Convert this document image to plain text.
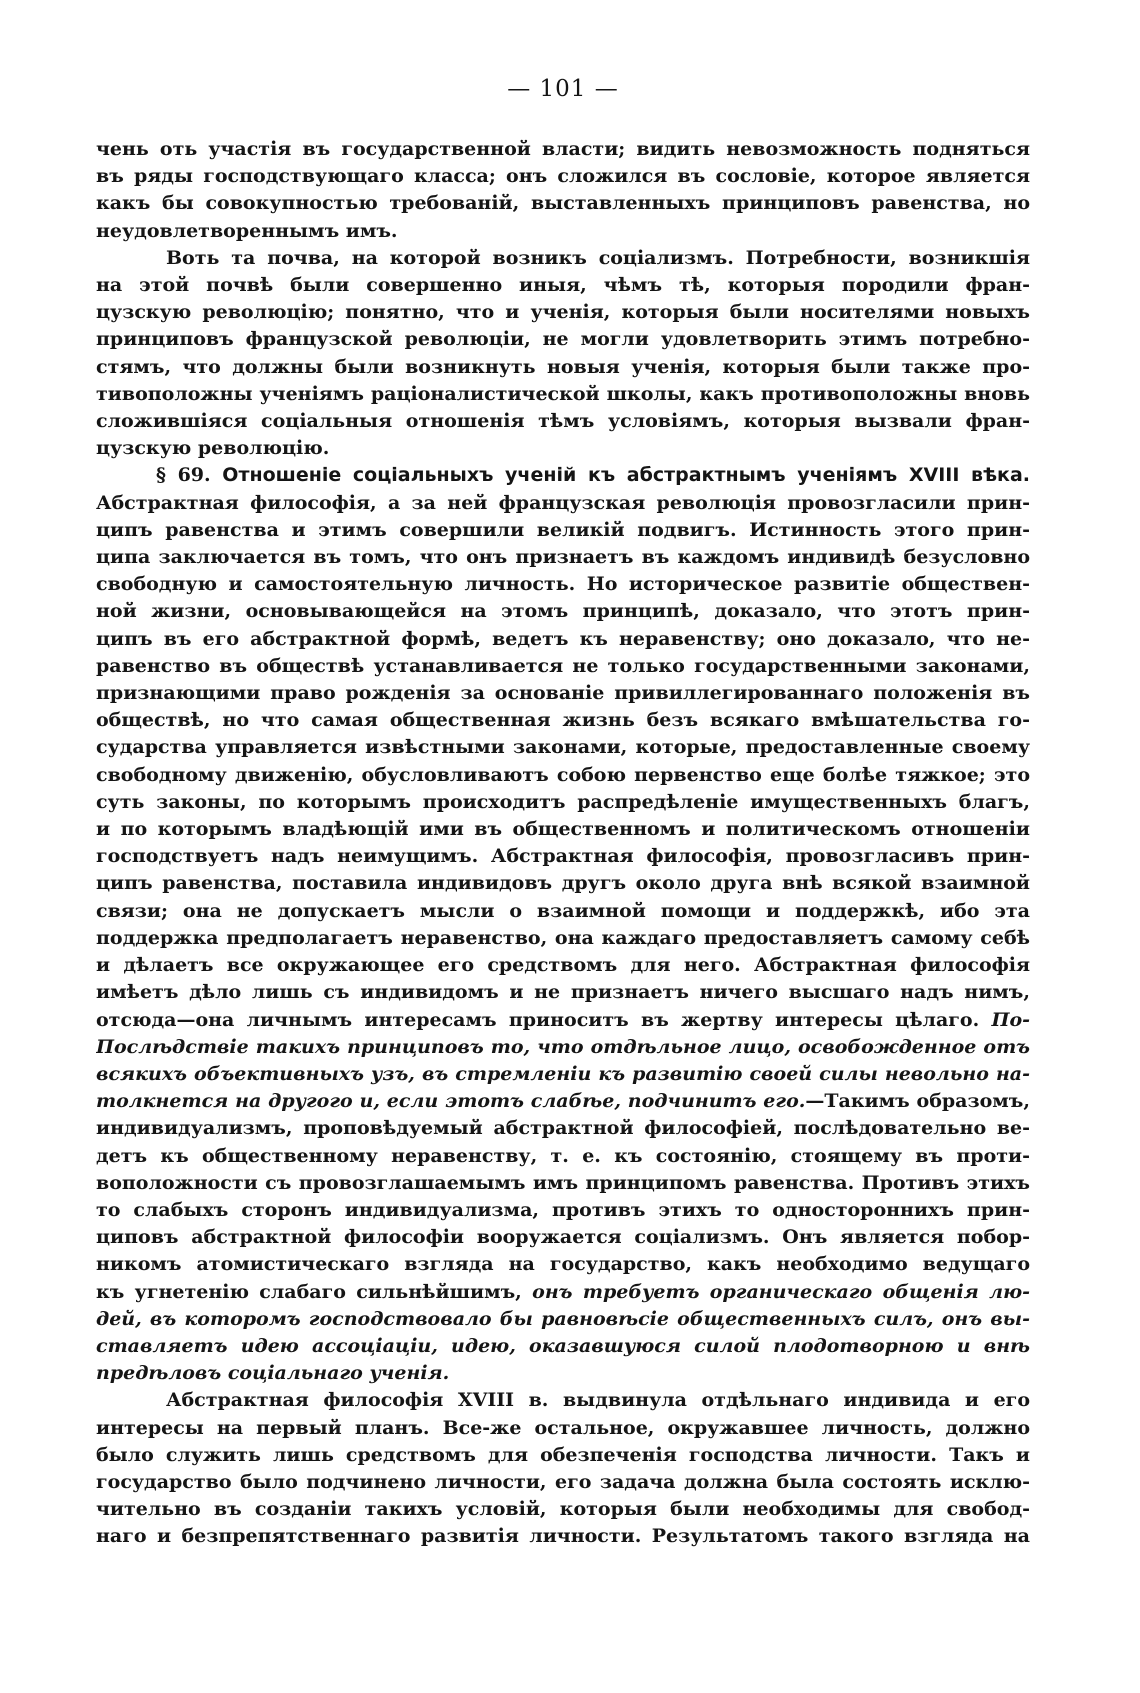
— 101 —
чень оть участія въ государственной власти; видить невозможность подняться
въ ряды господствующаго класса; онъ сложился въ сословіе, которое является
какъ бы совокупностью требованій, выставленныхъ принциповъ равенства, но
неудовлетвореннымъ имъ.
Воть та почва, на которой возникъ соціализмъ. Потребности, возникшія
на этой почвѣ были совершенно иныя, чѣмъ тѣ, которыя породили фран-
цузскую революцію; понятно, что и ученія, которыя были носителями новыхъ
принциповъ французской революціи, не могли удовлетворить этимъ потребно-
стямъ, что должны были возникнуть новыя ученія, которыя были также про-
тивоположны ученіямъ раціоналистической школы, какъ противоположны вновь
сложившіяся соціальныя отношенія тѣмъ условіямъ, которыя вызвали фран-
цузскую революцію.
§ 69. Отношеніе соціальныхъ ученій къ абстрактнымъ ученіямъ XVIII вѣка.
Абстрактная философія, а за ней французская революція провозгласили прин-
ципъ равенства и этимъ совершили великій подвигъ. Истинность этого прин-
ципа заключается въ томъ, что онъ признаетъ въ каждомъ индивидѣ безусловно
свободную и самостоятельную личность. Но историческое развитіе обществен-
ной жизни, основывающейся на этомъ принципѣ, доказало, что этотъ прин-
ципъ въ его абстрактной формѣ, ведетъ къ неравенству; оно доказало, что не-
равенство въ обществѣ устанавливается не только государственными законами,
признающими право рожденія за основаніе привиллегированнаго положенія въ
обществѣ, но что самая общественная жизнь безъ всякаго вмѣшательства го-
сударства управляется извѣстными законами, которые, предоставленные своему
свободному движенію, обусловливаютъ собою первенство еще болѣе тяжкое; это
суть законы, по которымъ происходитъ распредѣленіе имущественныхъ благъ,
и по которымъ владѣющій ими въ общественномъ и политическомъ отношеніи
господствуетъ надъ неимущимъ. Абстрактная философія, провозгласивъ прин-
ципъ равенства, поставила индивидовъ другъ около друга внѣ всякой взаимной
связи; она не допускаетъ мысли о взаимной помощи и поддержкѣ, ибо эта
поддержка предполагаетъ неравенство, она каждаго предоставляетъ самому себѣ
и дѣлаетъ все окружающее его средствомъ для него. Абстрактная философія
имѣетъ дѣло лишь съ индивидомъ и не признаетъ ничего высшаго надъ нимъ,
отсюда—она личнымъ интересамъ приноситъ въ жертву интересы цѣлаго. По-
Послѣдствіе такихъ принциповъ то, что отдѣльное лицо, освобожденное отъ
всякихъ объективныхъ узъ, въ стремленіи къ развитію своей силы невольно на-
толкнется на другого и, если этотъ слабѣе, подчинитъ его.—Такимъ образомъ,
индивидуализмъ, проповѣдуемый абстрактной философіей, послѣдовательно ве-
детъ къ общественному неравенству, т. е. къ состоянію, стоящему въ проти-
воположности съ провозглашаемымъ имъ принципомъ равенства. Противъ этихъ
то слабыхъ сторонъ индивидуализма, противъ этихъ то одностороннихъ прин-
циповъ абстрактной философіи вооружается соціализмъ. Онъ является побор-
никомъ атомистическаго взгляда на государство, какъ необходимо ведущаго
къ угнетенію слабаго сильнѣйшимъ, онъ требуетъ органическаго общенія лю-
дей, въ которомъ господствовало бы равновѣсіе общественныхъ силъ, онъ вы-
ставляетъ идею ассоціаціи, идею, оказавшуюся силой плодотворною и внѣ
предѣловъ соціальнаго ученія.
Абстрактная философія XVIII в. выдвинула отдѣльнаго индивида и его
интересы на первый планъ. Все-же остальное, окружавшее личность, должно
было служить лишь средствомъ для обезпеченія господства личности. Такъ и
государство было подчинено личности, его задача должна была состоять исклю-
чительно въ созданіи такихъ условій, которыя были необходимы для свобод-
наго и безпрепятственнаго развитія личности. Результатомъ такого взгляда на
